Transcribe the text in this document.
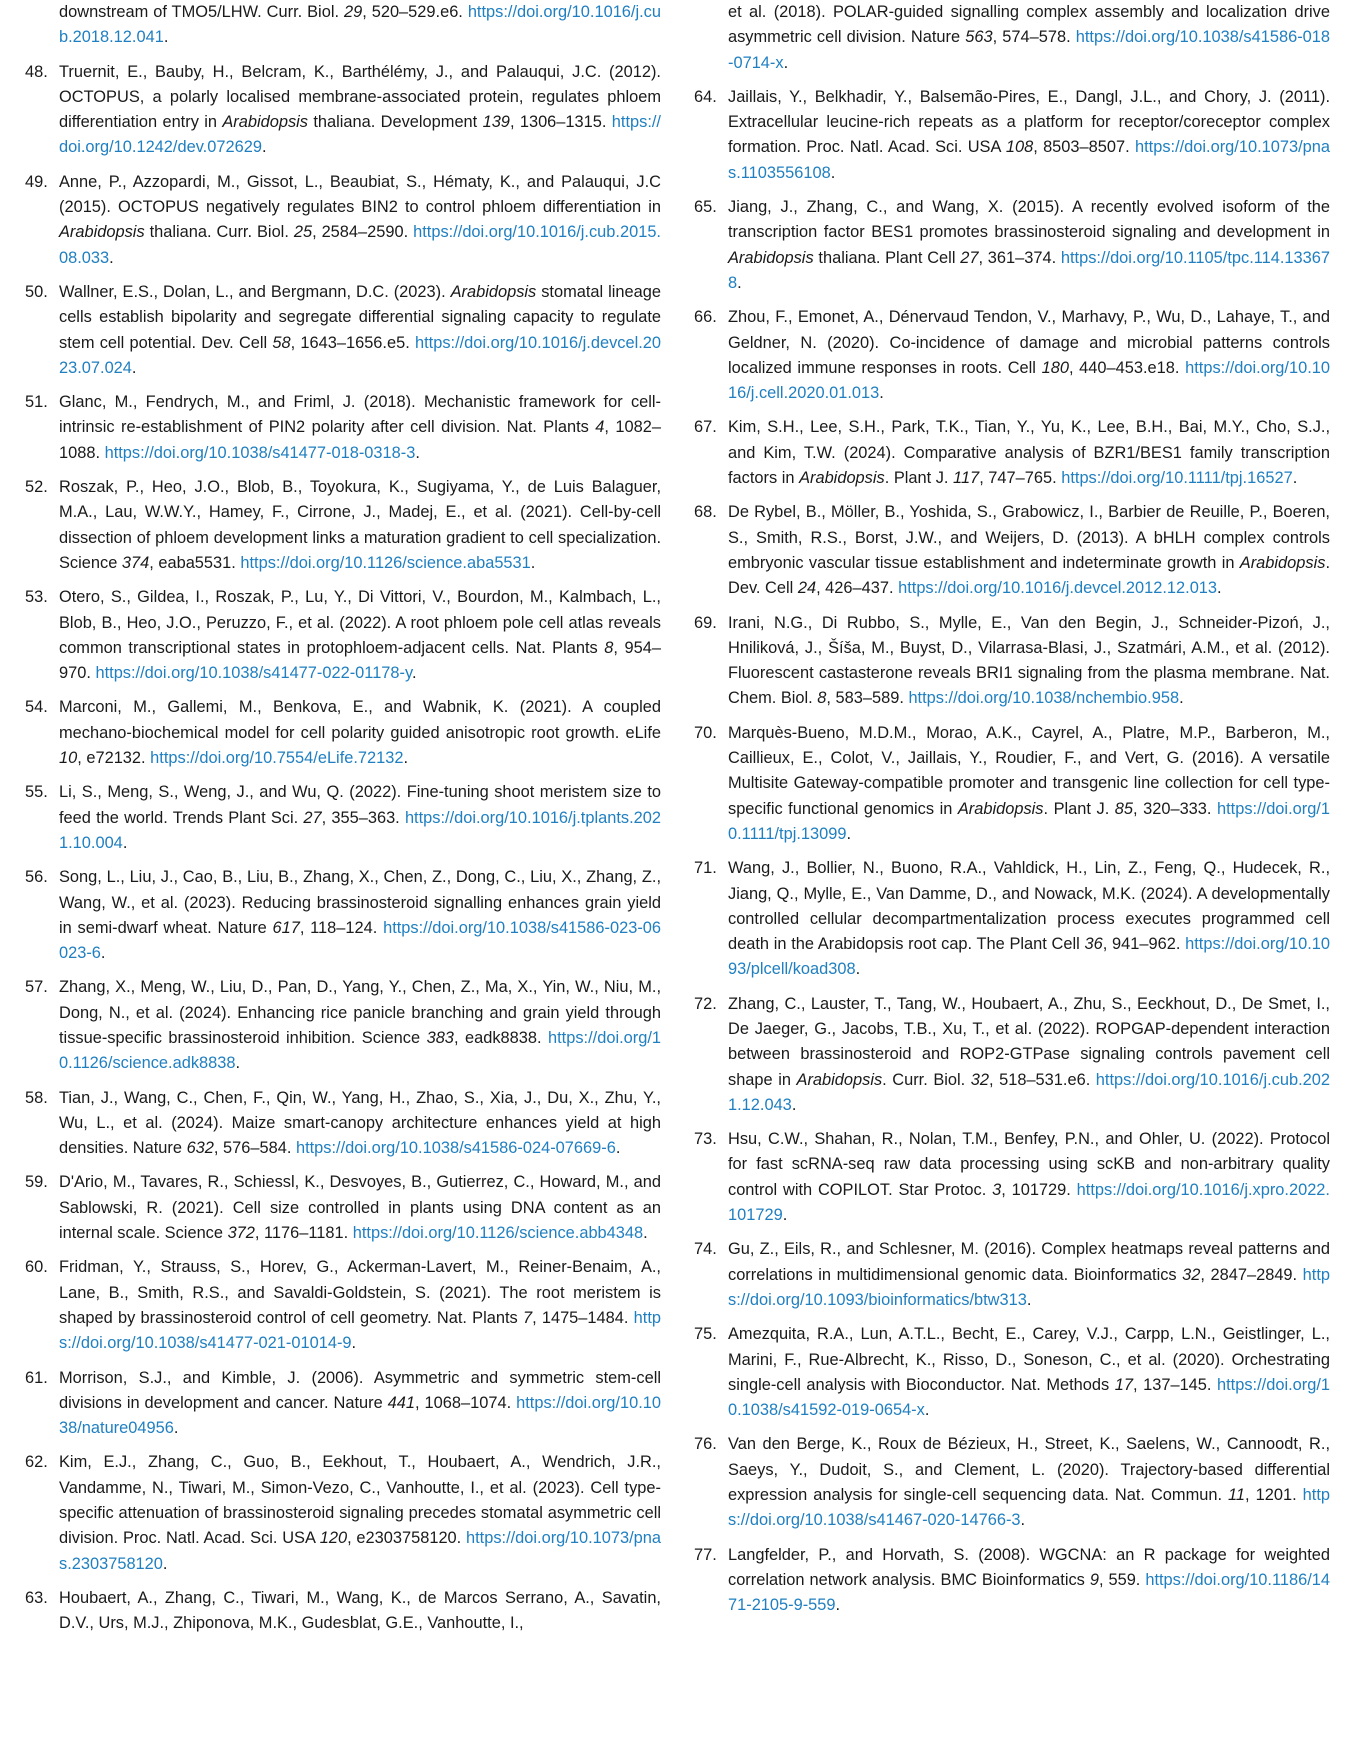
downstream of TMO5/LHW. Curr. Biol. 29, 520–529.e6. https://doi.org/10.1016/j.cub.2018.12.041.
48. Truernit, E., Bauby, H., Belcram, K., Barthélémy, J., and Palauqui, J.C. (2012). OCTOPUS, a polarly localised membrane-associated protein, regulates phloem differentiation entry in Arabidopsis thaliana. Development 139, 1306–1315. https://doi.org/10.1242/dev.072629.
49. Anne, P., Azzopardi, M., Gissot, L., Beaubiat, S., Hématy, K., and Palauqui, J.C (2015). OCTOPUS negatively regulates BIN2 to control phloem differentiation in Arabidopsis thaliana. Curr. Biol. 25, 2584–2590. https://doi.org/10.1016/j.cub.2015.08.033.
50. Wallner, E.S., Dolan, L., and Bergmann, D.C. (2023). Arabidopsis stomatal lineage cells establish bipolarity and segregate differential signaling capacity to regulate stem cell potential. Dev. Cell 58, 1643–1656.e5. https://doi.org/10.1016/j.devcel.2023.07.024.
51. Glanc, M., Fendrych, M., and Friml, J. (2018). Mechanistic framework for cell-intrinsic re-establishment of PIN2 polarity after cell division. Nat. Plants 4, 1082–1088. https://doi.org/10.1038/s41477-018-0318-3.
52. Roszak, P., Heo, J.O., Blob, B., Toyokura, K., Sugiyama, Y., de Luis Balaguer, M.A., Lau, W.W.Y., Hamey, F., Cirrone, J., Madej, E., et al. (2021). Cell-by-cell dissection of phloem development links a maturation gradient to cell specialization. Science 374, eaba5531. https://doi.org/10.1126/science.aba5531.
53. Otero, S., Gildea, I., Roszak, P., Lu, Y., Di Vittori, V., Bourdon, M., Kalmbach, L., Blob, B., Heo, J.O., Peruzzo, F., et al. (2022). A root phloem pole cell atlas reveals common transcriptional states in protophloem-adjacent cells. Nat. Plants 8, 954–970. https://doi.org/10.1038/s41477-022-01178-y.
54. Marconi, M., Gallemi, M., Benkova, E., and Wabnik, K. (2021). A coupled mechano-biochemical model for cell polarity guided anisotropic root growth. eLife 10, e72132. https://doi.org/10.7554/eLife.72132.
55. Li, S., Meng, S., Weng, J., and Wu, Q. (2022). Fine-tuning shoot meristem size to feed the world. Trends Plant Sci. 27, 355–363. https://doi.org/10.1016/j.tplants.2021.10.004.
56. Song, L., Liu, J., Cao, B., Liu, B., Zhang, X., Chen, Z., Dong, C., Liu, X., Zhang, Z., Wang, W., et al. (2023). Reducing brassinosteroid signalling enhances grain yield in semi-dwarf wheat. Nature 617, 118–124. https://doi.org/10.1038/s41586-023-06023-6.
57. Zhang, X., Meng, W., Liu, D., Pan, D., Yang, Y., Chen, Z., Ma, X., Yin, W., Niu, M., Dong, N., et al. (2024). Enhancing rice panicle branching and grain yield through tissue-specific brassinosteroid inhibition. Science 383, eadk8838. https://doi.org/10.1126/science.adk8838.
58. Tian, J., Wang, C., Chen, F., Qin, W., Yang, H., Zhao, S., Xia, J., Du, X., Zhu, Y., Wu, L., et al. (2024). Maize smart-canopy architecture enhances yield at high densities. Nature 632, 576–584. https://doi.org/10.1038/s41586-024-07669-6.
59. D'Ario, M., Tavares, R., Schiessl, K., Desvoyes, B., Gutierrez, C., Howard, M., and Sablowski, R. (2021). Cell size controlled in plants using DNA content as an internal scale. Science 372, 1176–1181. https://doi.org/10.1126/science.abb4348.
60. Fridman, Y., Strauss, S., Horev, G., Ackerman-Lavert, M., Reiner-Benaim, A., Lane, B., Smith, R.S., and Savaldi-Goldstein, S. (2021). The root meristem is shaped by brassinosteroid control of cell geometry. Nat. Plants 7, 1475–1484. https://doi.org/10.1038/s41477-021-01014-9.
61. Morrison, S.J., and Kimble, J. (2006). Asymmetric and symmetric stem-cell divisions in development and cancer. Nature 441, 1068–1074. https://doi.org/10.1038/nature04956.
62. Kim, E.J., Zhang, C., Guo, B., Eekhout, T., Houbaert, A., Wendrich, J.R., Vandamme, N., Tiwari, M., Simon-Vezo, C., Vanhoutte, I., et al. (2023). Cell type-specific attenuation of brassinosteroid signaling precedes stomatal asymmetric cell division. Proc. Natl. Acad. Sci. USA 120, e2303758120. https://doi.org/10.1073/pnas.2303758120.
63. Houbaert, A., Zhang, C., Tiwari, M., Wang, K., de Marcos Serrano, A., Savatin, D.V., Urs, M.J., Zhiponova, M.K., Gudesblat, G.E., Vanhoutte, I.,
et al. (2018). POLAR-guided signalling complex assembly and localization drive asymmetric cell division. Nature 563, 574–578. https://doi.org/10.1038/s41586-018-0714-x.
64. Jaillais, Y., Belkhadir, Y., Balsemão-Pires, E., Dangl, J.L., and Chory, J. (2011). Extracellular leucine-rich repeats as a platform for receptor/coreceptor complex formation. Proc. Natl. Acad. Sci. USA 108, 8503–8507. https://doi.org/10.1073/pnas.1103556108.
65. Jiang, J., Zhang, C., and Wang, X. (2015). A recently evolved isoform of the transcription factor BES1 promotes brassinosteroid signaling and development in Arabidopsis thaliana. Plant Cell 27, 361–374. https://doi.org/10.1105/tpc.114.133678.
66. Zhou, F., Emonet, A., Dénervaud Tendon, V., Marhavy, P., Wu, D., Lahaye, T., and Geldner, N. (2020). Co-incidence of damage and microbial patterns controls localized immune responses in roots. Cell 180, 440–453.e18. https://doi.org/10.1016/j.cell.2020.01.013.
67. Kim, S.H., Lee, S.H., Park, T.K., Tian, Y., Yu, K., Lee, B.H., Bai, M.Y., Cho, S.J., and Kim, T.W. (2024). Comparative analysis of BZR1/BES1 family transcription factors in Arabidopsis. Plant J. 117, 747–765. https://doi.org/10.1111/tpj.16527.
68. De Rybel, B., Möller, B., Yoshida, S., Grabowicz, I., Barbier de Reuille, P., Boeren, S., Smith, R.S., Borst, J.W., and Weijers, D. (2013). A bHLH complex controls embryonic vascular tissue establishment and indeterminate growth in Arabidopsis. Dev. Cell 24, 426–437. https://doi.org/10.1016/j.devcel.2012.12.013.
69. Irani, N.G., Di Rubbo, S., Mylle, E., Van den Begin, J., Schneider-Pizoń, J., Hniliková, J., Šíša, M., Buyst, D., Vilarrasa-Blasi, J., Szatmári, A.M., et al. (2012). Fluorescent castasterone reveals BRI1 signaling from the plasma membrane. Nat. Chem. Biol. 8, 583–589. https://doi.org/10.1038/nchembio.958.
70. Marquès-Bueno, M.D.M., Morao, A.K., Cayrel, A., Platre, M.P., Barberon, M., Caillieux, E., Colot, V., Jaillais, Y., Roudier, F., and Vert, G. (2016). A versatile Multisite Gateway-compatible promoter and transgenic line collection for cell type-specific functional genomics in Arabidopsis. Plant J. 85, 320–333. https://doi.org/10.1111/tpj.13099.
71. Wang, J., Bollier, N., Buono, R.A., Vahldick, H., Lin, Z., Feng, Q., Hudecek, R., Jiang, Q., Mylle, E., Van Damme, D., and Nowack, M.K. (2024). A developmentally controlled cellular decompartmentalization process executes programmed cell death in the Arabidopsis root cap. The Plant Cell 36, 941–962. https://doi.org/10.1093/plcell/koad308.
72. Zhang, C., Lauster, T., Tang, W., Houbaert, A., Zhu, S., Eeckhout, D., De Smet, I., De Jaeger, G., Jacobs, T.B., Xu, T., et al. (2022). ROPGAP-dependent interaction between brassinosteroid and ROP2-GTPase signaling controls pavement cell shape in Arabidopsis. Curr. Biol. 32, 518–531.e6. https://doi.org/10.1016/j.cub.2021.12.043.
73. Hsu, C.W., Shahan, R., Nolan, T.M., Benfey, P.N., and Ohler, U. (2022). Protocol for fast scRNA-seq raw data processing using scKB and non-arbitrary quality control with COPILOT. Star Protoc. 3, 101729. https://doi.org/10.1016/j.xpro.2022.101729.
74. Gu, Z., Eils, R., and Schlesner, M. (2016). Complex heatmaps reveal patterns and correlations in multidimensional genomic data. Bioinformatics 32, 2847–2849. https://doi.org/10.1093/bioinformatics/btw313.
75. Amezquita, R.A., Lun, A.T.L., Becht, E., Carey, V.J., Carpp, L.N., Geistlinger, L., Marini, F., Rue-Albrecht, K., Risso, D., Soneson, C., et al. (2020). Orchestrating single-cell analysis with Bioconductor. Nat. Methods 17, 137–145. https://doi.org/10.1038/s41592-019-0654-x.
76. Van den Berge, K., Roux de Bézieux, H., Street, K., Saelens, W., Cannoodt, R., Saeys, Y., Dudoit, S., and Clement, L. (2020). Trajectory-based differential expression analysis for single-cell sequencing data. Nat. Commun. 11, 1201. https://doi.org/10.1038/s41467-020-14766-3.
77. Langfelder, P., and Horvath, S. (2008). WGCNA: an R package for weighted correlation network analysis. BMC Bioinformatics 9, 559. https://doi.org/10.1186/1471-2105-9-559.
